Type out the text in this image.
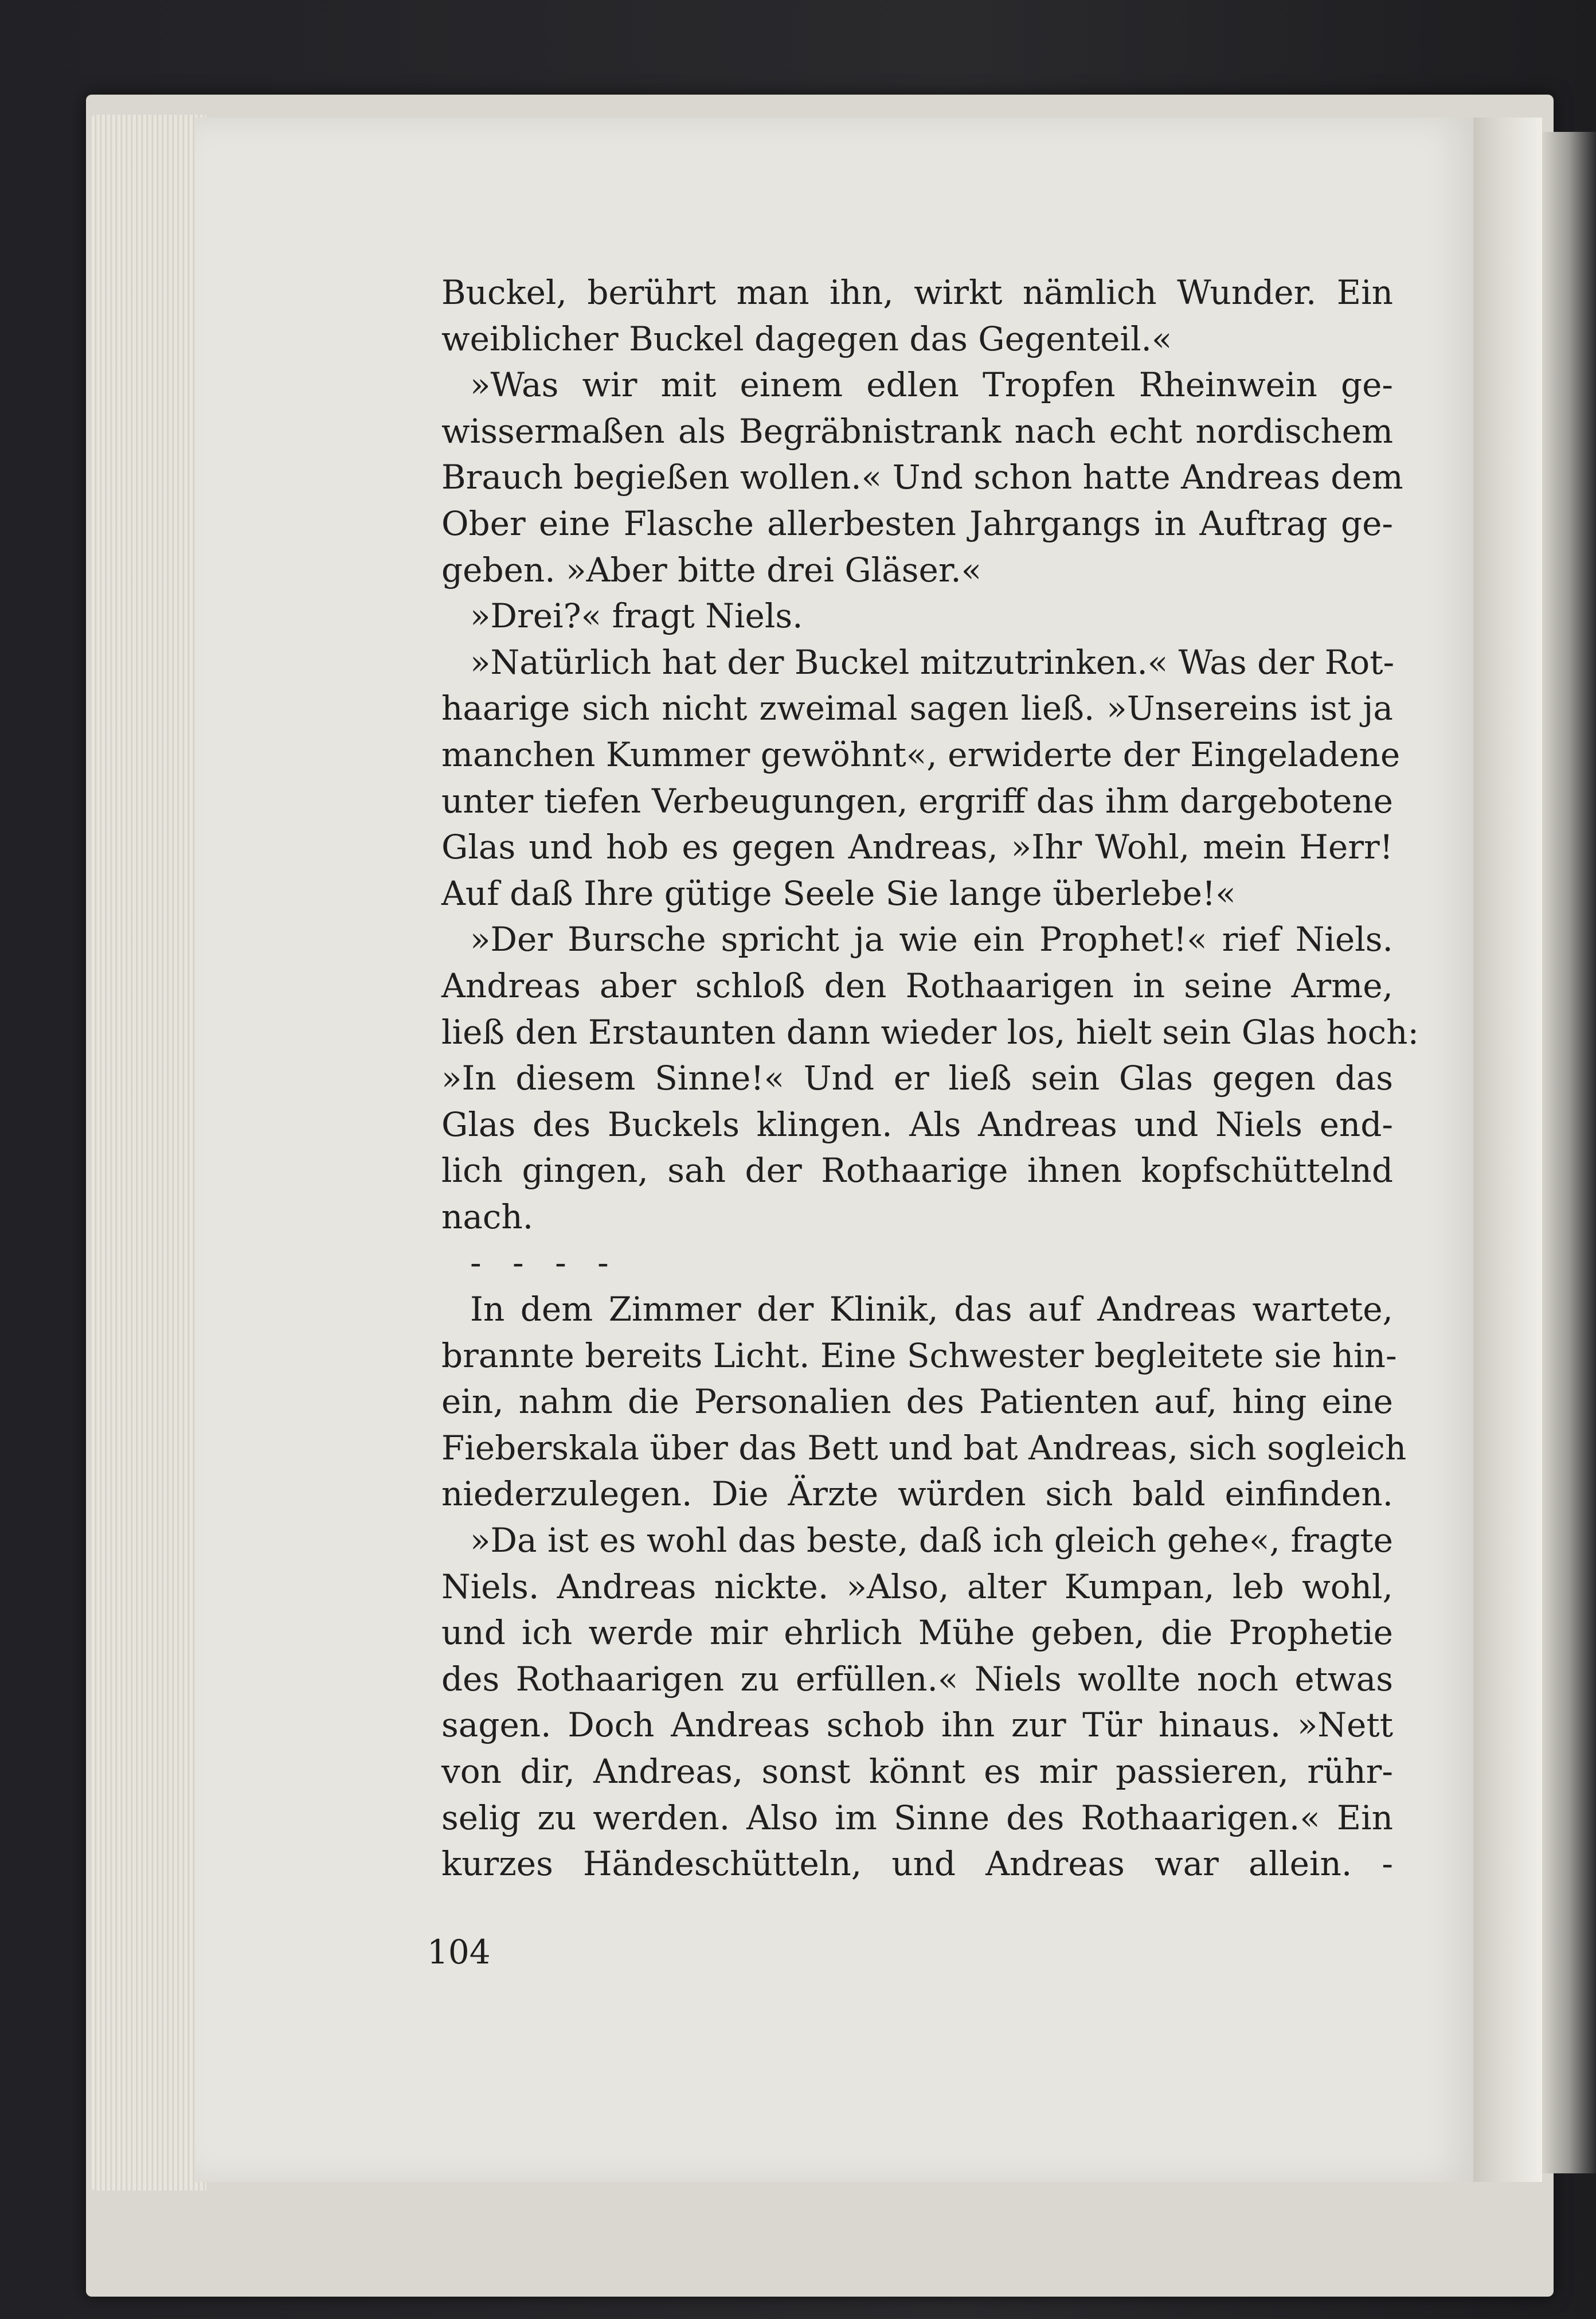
Buckel, berührt man ihn, wirkt nämlich Wunder. Ein
weiblicher Buckel dagegen das Gegenteil.«
»Was wir mit einem edlen Tropfen Rheinwein ge-
wissermaßen als Begräbnistrank nach echt nordischem
Brauch begießen wollen.« Und schon hatte Andreas dem
Ober eine Flasche allerbesten Jahrgangs in Auftrag ge-
geben. »Aber bitte drei Gläser.«
»Drei?« fragt Niels.
»Natürlich hat der Buckel mitzutrinken.« Was der Rot-
haarige sich nicht zweimal sagen ließ. »Unsereins ist ja
manchen Kummer gewöhnt«, erwiderte der Eingeladene
unter tiefen Verbeugungen, ergriff das ihm dargebotene
Glas und hob es gegen Andreas, »Ihr Wohl, mein Herr!
Auf daß Ihre gütige Seele Sie lange überlebe!«
»Der Bursche spricht ja wie ein Prophet!« rief Niels.
Andreas aber schloß den Rothaarigen in seine Arme,
ließ den Erstaunten dann wieder los, hielt sein Glas hoch:
»In diesem Sinne!« Und er ließ sein Glas gegen das
Glas des Buckels klingen. Als Andreas und Niels end-
lich gingen, sah der Rothaarige ihnen kopfschüttelnd
nach.
- - - -
In dem Zimmer der Klinik, das auf Andreas wartete,
brannte bereits Licht. Eine Schwester begleitete sie hin-
ein, nahm die Personalien des Patienten auf, hing eine
Fieberskala über das Bett und bat Andreas, sich sogleich
niederzulegen. Die Ärzte würden sich bald einfinden.
»Da ist es wohl das beste, daß ich gleich gehe«, fragte
Niels. Andreas nickte. »Also, alter Kumpan, leb wohl,
und ich werde mir ehrlich Mühe geben, die Prophetie
des Rothaarigen zu erfüllen.« Niels wollte noch etwas
sagen. Doch Andreas schob ihn zur Tür hinaus. »Nett
von dir, Andreas, sonst könnt es mir passieren, rühr-
selig zu werden. Also im Sinne des Rothaarigen.« Ein
kurzes Händeschütteln, und Andreas war allein. -
104
